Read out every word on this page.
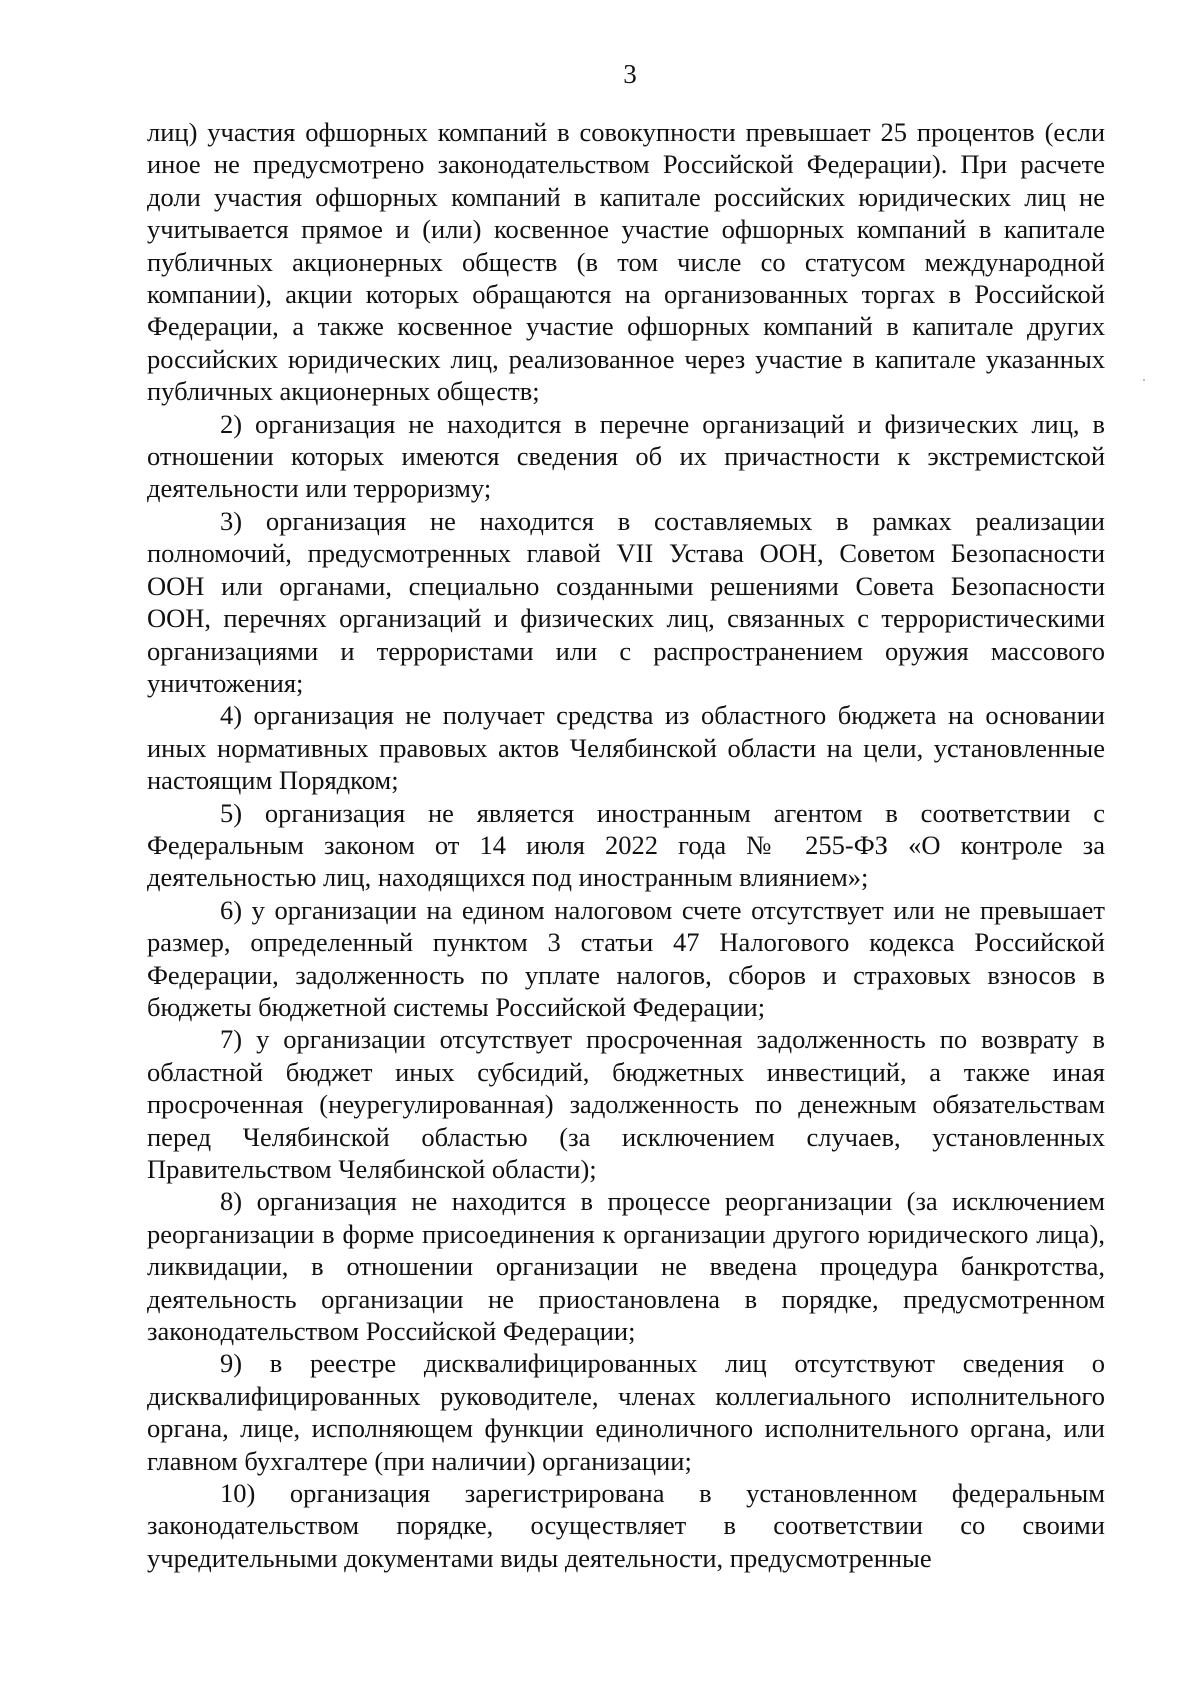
3

лиц) участия офшорных компаний в совокупности превышает 25 процентов (если иное не предусмотрено законодательством Российской Федерации). При расчете доли участия офшорных компаний в капитале российских юридических лиц не учитывается прямое и (или) косвенное участие офшорных компаний в капитале публичных акционерных обществ (в том числе со статусом международной компании), акции которых обращаются на организованных торгах в Российской Федерации, а также косвенное участие офшорных компаний в капитале других российских юридических лиц, реализованное через участие в капитале указанных публичных акционерных обществ;

2) организация не находится в перечне организаций и физических лиц, в отношении которых имеются сведения об их причастности к экстремистской деятельности или терроризму;

3) организация не находится в составляемых в рамках реализации полномочий, предусмотренных главой VII Устава ООН, Советом Безопасности ООН или органами, специально созданными решениями Совета Безопасности ООН, перечнях организаций и физических лиц, связанных с террористическими организациями и террористами или с распространением оружия массового уничтожения;

4) организация не получает средства из областного бюджета на основании иных нормативных правовых актов Челябинской области на цели, установленные настоящим Порядком;

5) организация не является иностранным агентом в соответствии с Федеральным законом от 14 июля 2022 года № 255-ФЗ «О контроле за деятельностью лиц, находящихся под иностранным влиянием»;

6) у организации на едином налоговом счете отсутствует или не превышает размер, определенный пунктом 3 статьи 47 Налогового кодекса Российской Федерации, задолженность по уплате налогов, сборов и страховых взносов в бюджеты бюджетной системы Российской Федерации;

7) у организации отсутствует просроченная задолженность по возврату в областной бюджет иных субсидий, бюджетных инвестиций, а также иная просроченная (неурегулированная) задолженность по денежным обязательствам перед Челябинской областью (за исключением случаев, установленных Правительством Челябинской области);

8) организация не находится в процессе реорганизации (за исключением реорганизации в форме присоединения к организации другого юридического лица), ликвидации, в отношении организации не введена процедура банкротства, деятельность организации не приостановлена в порядке, предусмотренном законодательством Российской Федерации;

9) в реестре дисквалифицированных лиц отсутствуют сведения о дисквалифицированных руководителе, членах коллегиального исполнительного органа, лице, исполняющем функции единоличного исполнительного органа, или главном бухгалтере (при наличии) организации;

10) организация зарегистрирована в установленном федеральным законодательством порядке, осуществляет в соответствии со своими учредительными документами виды деятельности, предусмотренные
